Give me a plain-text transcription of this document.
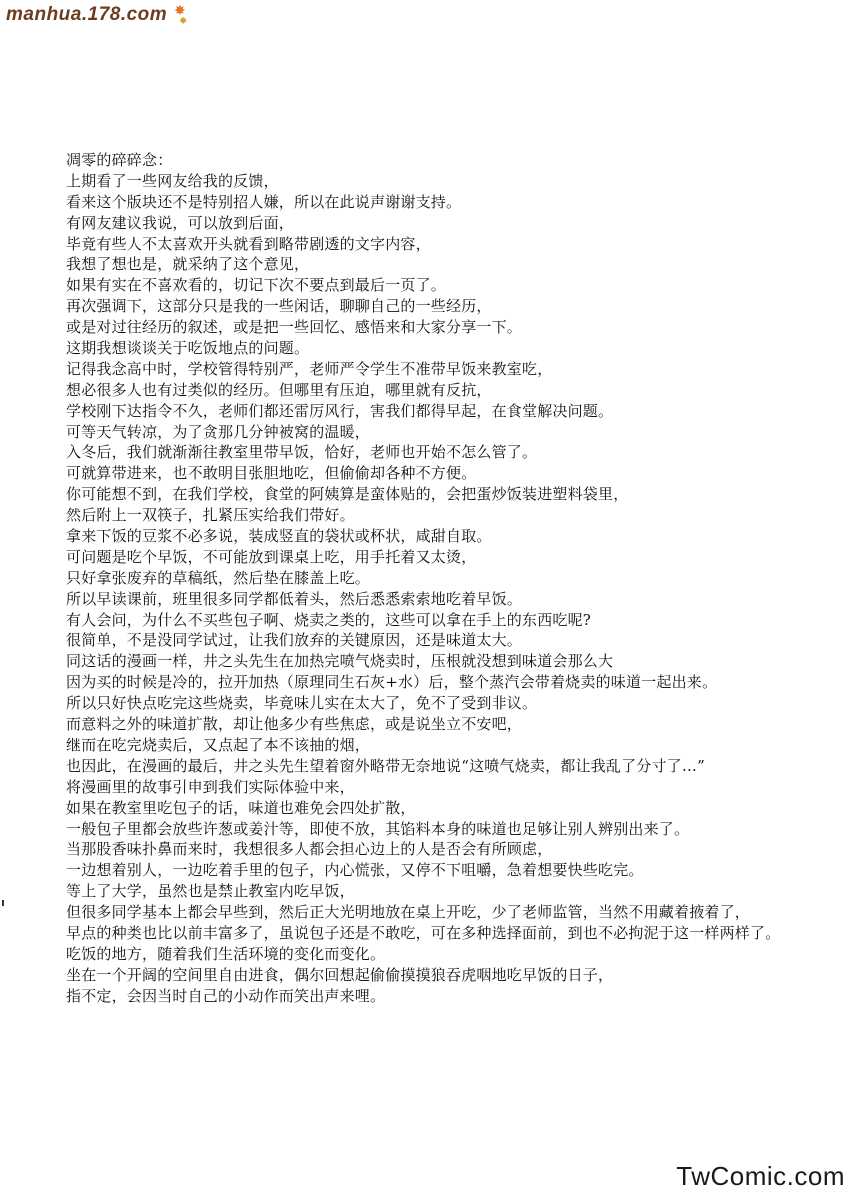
manhua.178.com ✸
✸
凋零的碎碎念：
上期看了一些网友给我的反馈，
看来这个版块还不是特别招人嫌，所以在此说声谢谢支持。
有网友建议我说，可以放到后面，
毕竟有些人不太喜欢开头就看到略带剧透的文字内容，
我想了想也是，就采纳了这个意见，
如果有实在不喜欢看的，切记下次不要点到最后一页了。
再次强调下，这部分只是我的一些闲话，聊聊自己的一些经历，
或是对过往经历的叙述，或是把一些回忆、感悟来和大家分享一下。
这期我想谈谈关于吃饭地点的问题。
记得我念高中时，学校管得特别严，老师严令学生不准带早饭来教室吃，
想必很多人也有过类似的经历。但哪里有压迫，哪里就有反抗，
学校刚下达指令不久，老师们都还雷厉风行，害我们都得早起，在食堂解决问题。
可等天气转凉，为了贪那几分钟被窝的温暖，
入冬后，我们就渐渐往教室里带早饭，恰好，老师也开始不怎么管了。
可就算带进来，也不敢明目张胆地吃，但偷偷却各种不方便。
你可能想不到，在我们学校，食堂的阿姨算是蛮体贴的，会把蛋炒饭装进塑料袋里，
然后附上一双筷子，扎紧压实给我们带好。
拿来下饭的豆浆不必多说，装成竖直的袋状或杯状，咸甜自取。
可问题是吃个早饭，不可能放到课桌上吃，用手托着又太烫，
只好拿张废弃的草稿纸，然后垫在膝盖上吃。
所以早读课前，班里很多同学都低着头，然后悉悉索索地吃着早饭。
有人会问，为什么不买些包子啊、烧卖之类的，这些可以拿在手上的东西吃呢?
很简单，不是没同学试过，让我们放弃的关键原因，还是味道太大。
同这话的漫画一样，井之头先生在加热完喷气烧卖时，压根就没想到味道会那么大
因为买的时候是冷的，拉开加热（原理同生石灰+水）后，整个蒸汽会带着烧卖的味道一起出来。
所以只好快点吃完这些烧卖，毕竟味儿实在太大了，免不了受到非议。
而意料之外的味道扩散，却让他多少有些焦虑，或是说坐立不安吧，
继而在吃完烧卖后，又点起了本不该抽的烟，
也因此，在漫画的最后，井之头先生望着窗外略带无奈地说“这喷气烧卖，都让我乱了分寸了…”
将漫画里的故事引申到我们实际体验中来，
如果在教室里吃包子的话，味道也难免会四处扩散，
一般包子里都会放些许葱或姜汁等，即使不放，其馅料本身的味道也足够让别人辨别出来了。
当那股香味扑鼻而来时，我想很多人都会担心边上的人是否会有所顾虑，
一边想着别人，一边吃着手里的包子，内心慌张，又停不下咀嚼，急着想要快些吃完。
等上了大学，虽然也是禁止教室内吃早饭，
但很多同学基本上都会早些到，然后正大光明地放在桌上开吃，少了老师监管，当然不用藏着掖着了，
早点的种类也比以前丰富多了，虽说包子还是不敢吃，可在多种选择面前，到也不必拘泥于这一样两样了。
吃饭的地方，随着我们生活环境的变化而变化。
坐在一个开阔的空间里自由进食，偶尔回想起偷偷摸摸狼吞虎咽地吃早饭的日子，
指不定，会因当时自己的小动作而笑出声来哩。
TwComic.com
